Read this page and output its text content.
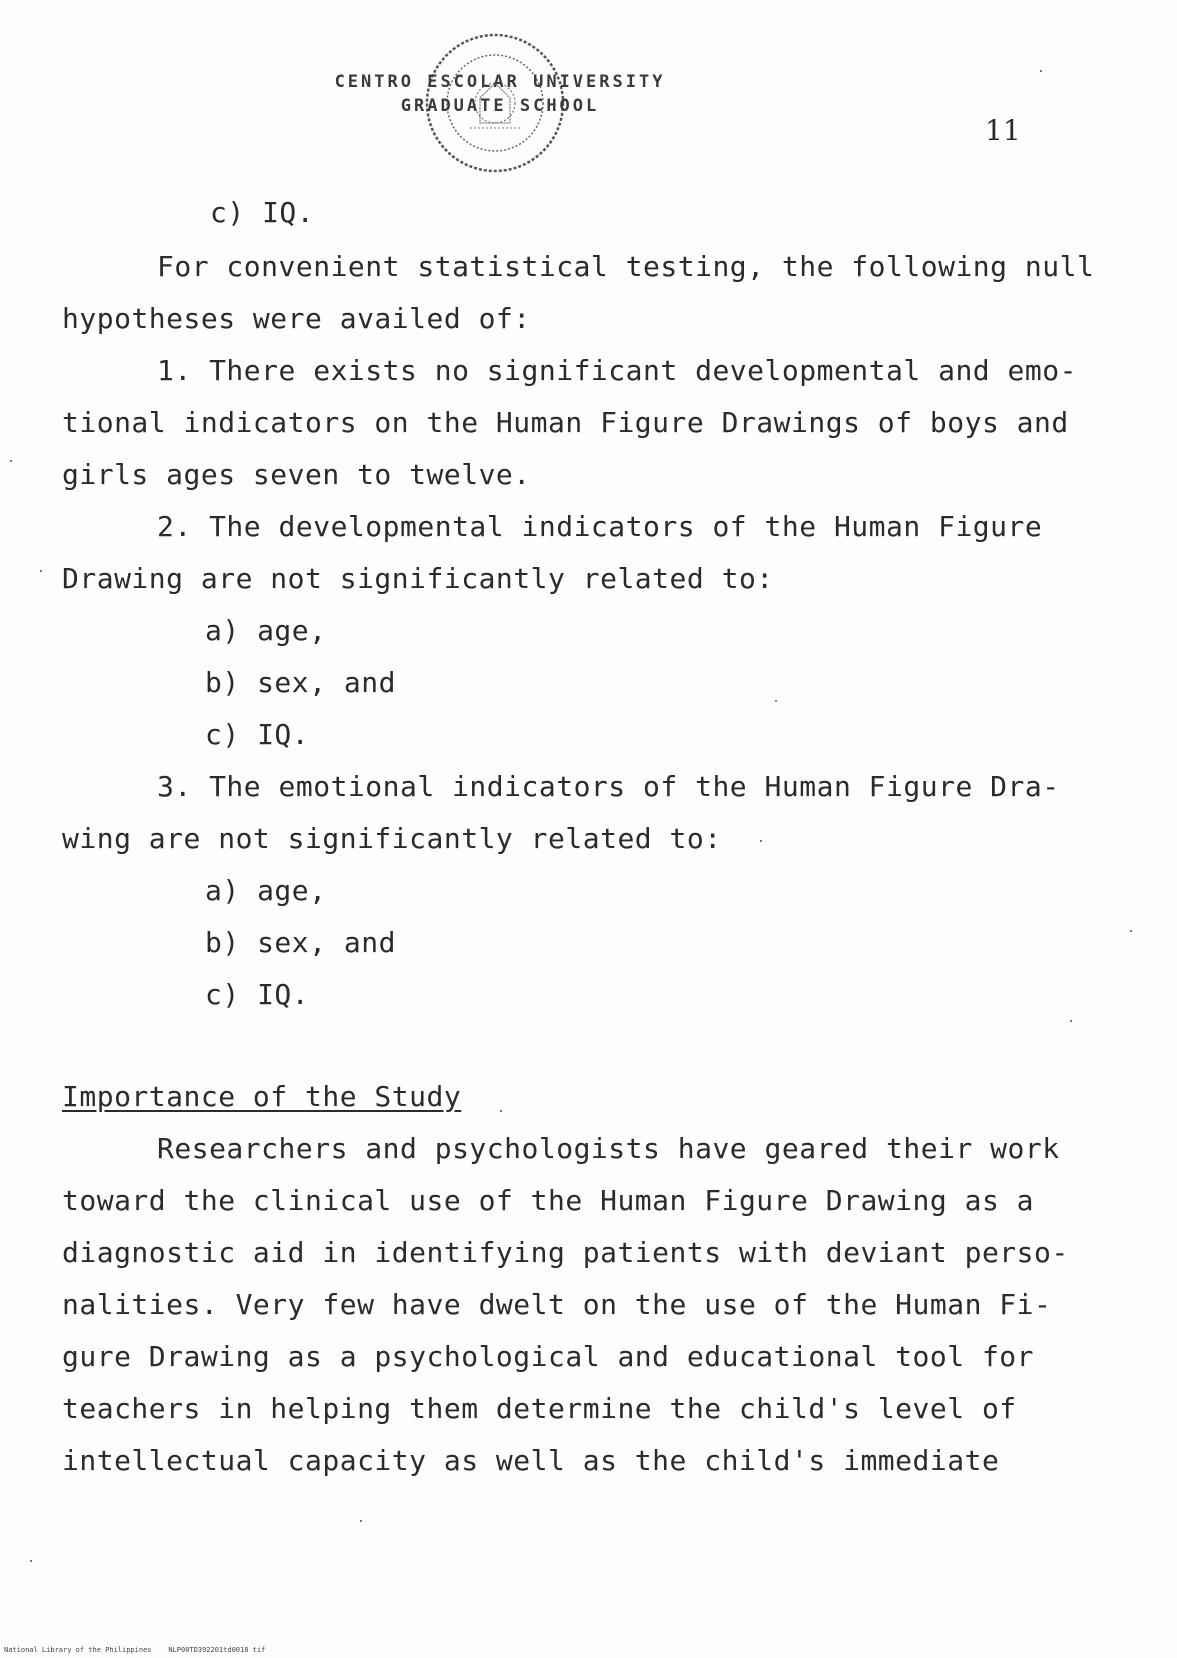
CENTRO ESCOLAR UNIVERSITY
GRADUATE SCHOOL
11
c) IQ.
For convenient statistical testing, the following null
hypotheses were availed of:
1. There exists no significant developmental and emo-
tional indicators on the Human Figure Drawings of boys and
girls ages seven to twelve.
2. The developmental indicators of the Human Figure
Drawing are not significantly related to:
a) age,
b) sex, and
c) IQ.
3. The emotional indicators of the Human Figure Dra-
wing are not significantly related to:
a) age,
b) sex, and
c) IQ.
Importance of the Study
Researchers and psychologists have geared their work
toward the clinical use of the Human Figure Drawing as a
diagnostic aid in identifying patients with deviant perso-
nalities. Very few have dwelt on the use of the Human Fi-
gure Drawing as a psychological and educational tool for
teachers in helping them determine the child's level of
intellectual capacity as well as the child's immediate
National Library of the Philippines    NLP00TD392201td0018 tif
